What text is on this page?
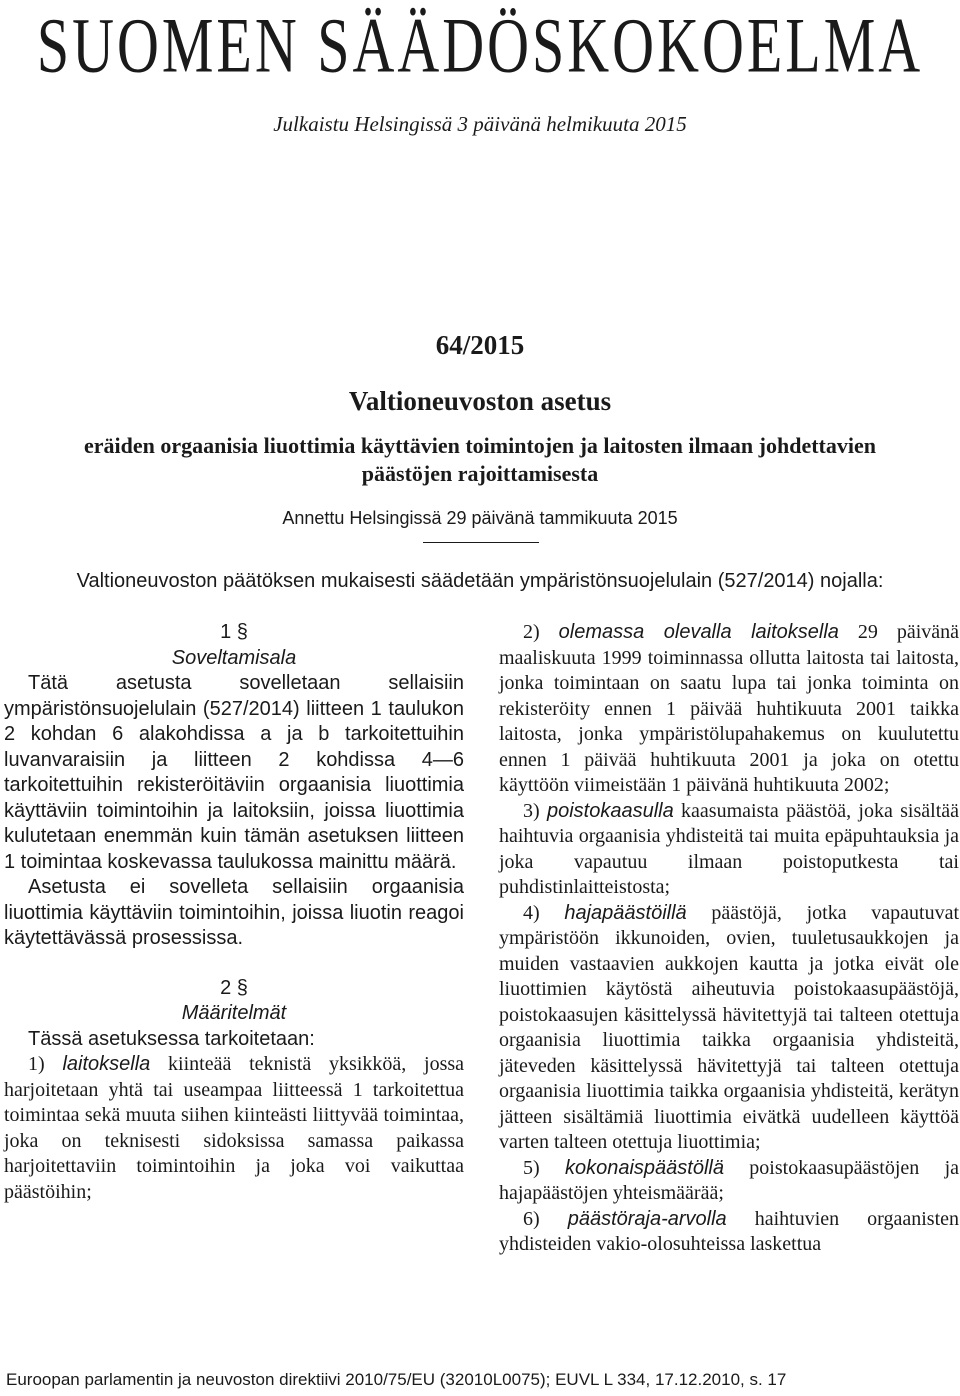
SUOMEN SÄÄDÖSKOKOELMA
Julkaistu Helsingissä 3 päivänä helmikuuta 2015
64/2015
Valtioneuvoston asetus
eräiden orgaanisia liuottimia käyttävien toimintojen ja laitosten ilmaan johdettavien
päästöjen rajoittamisesta
Annettu Helsingissä 29 päivänä tammikuuta 2015
Valtioneuvoston päätöksen mukaisesti säädetään ympäristönsuojelulain (527/2014) nojalla:

1 §

Soveltamisala

Tätä asetusta sovelletaan sellaisiin ympäristönsuojelulain (527/2014) liitteen 1 taulukon 2 kohdan 6 alakohdissa a ja b tarkoitettuihin luvanvaraisiin ja liitteen 2 kohdissa 4—6 tarkoitettuihin rekisteröitäviin orgaanisia liuottimia käyttäviin toimintoihin ja laitoksiin, joissa liuottimia kulutetaan enemmän kuin tämän asetuksen liitteen 1 toimintaa koskevassa taulukossa mainittu määrä.

Asetusta ei sovelleta sellaisiin orgaanisia liuottimia käyttäviin toimintoihin, joissa liuotin reagoi käytettävässä prosessissa.

2 §

Määritelmät

Tässä asetuksessa tarkoitetaan:

1) laitoksella kiinteää teknistä yksikköä, jossa harjoitetaan yhtä tai useampaa liitteessä 1 tarkoitettua toimintaa sekä muuta siihen kiinteästi liittyvää toimintaa, joka on teknisesti sidoksissa samassa paikassa harjoitettaviin toimintoihin ja joka voi vaikuttaa päästöihin;

2) olemassa olevalla laitoksella 29 päivänä maaliskuuta 1999 toiminnassa ollutta laitosta tai laitosta, jonka toimintaan on saatu lupa tai jonka toiminta on rekisteröity ennen 1 päivää huhtikuuta 2001 taikka laitosta, jonka ympäristölupahakemus on kuulutettu ennen 1 päivää huhtikuuta 2001 ja joka on otettu käyttöön viimeistään 1 päivänä huhtikuuta 2002;

3) poistokaasulla kaasumaista päästöä, joka sisältää haihtuvia orgaanisia yhdisteitä tai muita epäpuhtauksia ja joka vapautuu ilmaan poistoputkesta tai puhdistinlaitteistosta;

4) hajapäästöillä päästöjä, jotka vapautuvat ympäristöön ikkunoiden, ovien, tuuletusaukkojen ja muiden vastaavien aukkojen kautta ja jotka eivät ole liuottimien käytöstä aiheutuvia poistokaasupäästöjä, poistokaasujen käsittelyssä hävitettyjä tai talteen otettuja orgaanisia liuottimia taikka orgaanisia yhdisteitä, jäteveden käsittelyssä hävitettyjä tai talteen otettuja orgaanisia liuottimia taikka orgaanisia yhdisteitä, kerätyn jätteen sisältämiä liuottimia eivätkä uudelleen käyttöä varten talteen otettuja liuottimia;

5) kokonaispäästöllä poistokaasupäästöjen ja hajapäästöjen yhteismäärää;

6) päästöraja-arvolla haihtuvien orgaanisten yhdisteiden vakio-olosuhteissa laskettua

Euroopan parlamentin ja neuvoston direktiivi 2010/75/EU (32010L0075); EUVL L 334, 17.12.2010, s. 17
